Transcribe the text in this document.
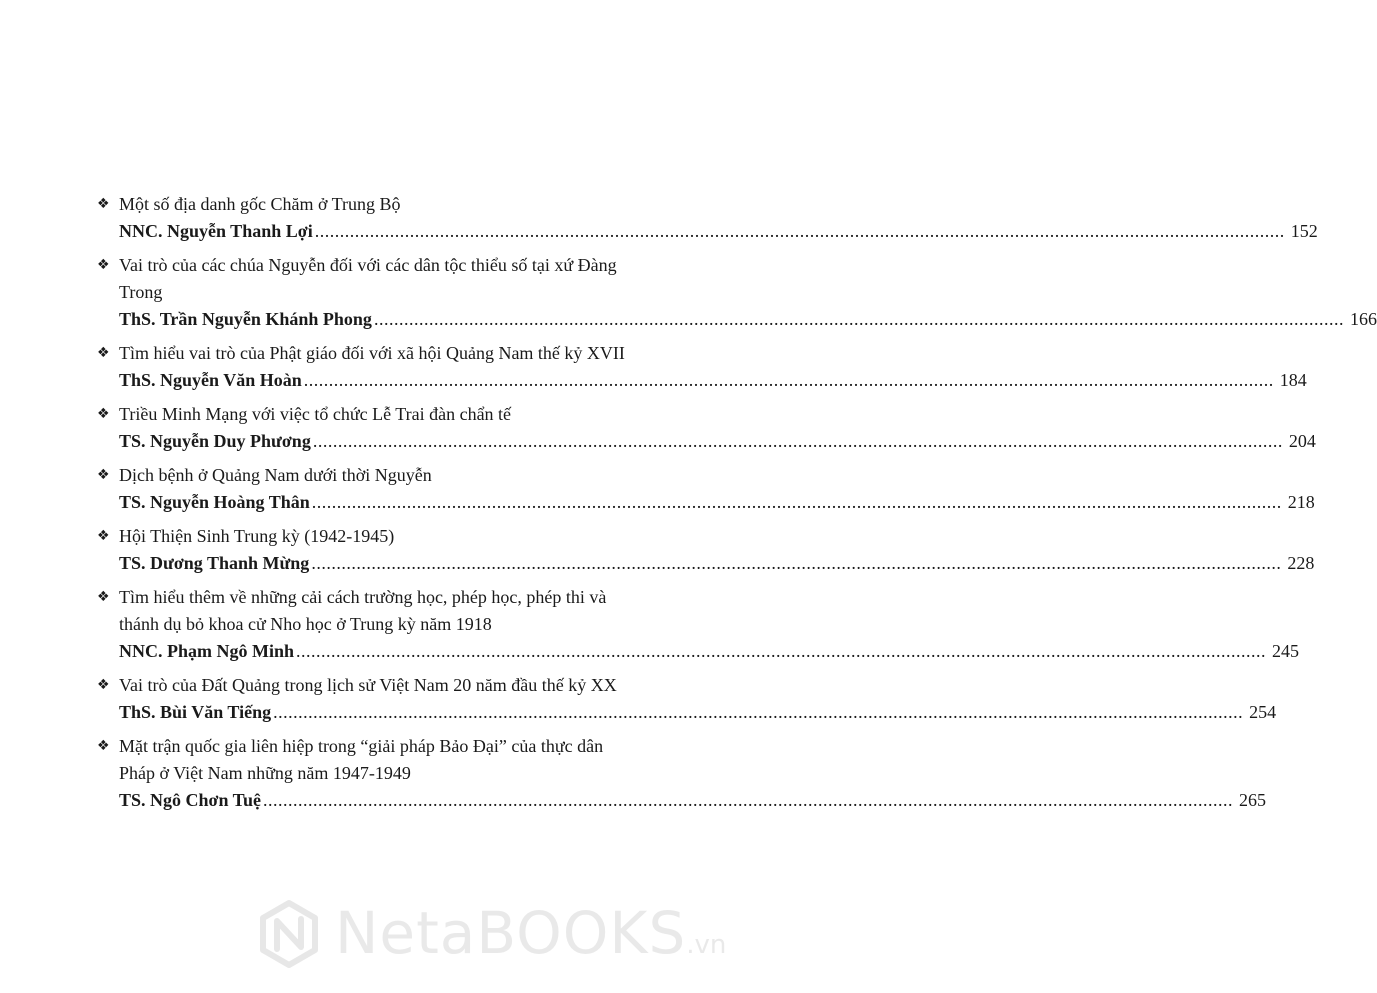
❖ Một số địa danh gốc Chăm ở Trung Bộ
NNC. Nguyễn Thanh Lợi .....	152
❖ Vai trò của các chúa Nguyễn đối với các dân tộc thiểu số tại xứ Đàng Trong
ThS. Trần Nguyễn Khánh Phong .....	166
❖ Tìm hiểu vai trò của Phật giáo đối với xã hội Quảng Nam thế kỷ XVII
ThS. Nguyễn Văn Hoàn .....	184
❖ Triều Minh Mạng với việc tổ chức Lễ Trai đàn chẩn tế
TS. Nguyễn Duy Phương .....	204
❖ Dịch bệnh ở Quảng Nam dưới thời Nguyễn
TS. Nguyễn Hoàng Thân .....	218
❖ Hội Thiện Sinh Trung kỳ (1942-1945)
TS. Dương Thanh Mừng .....	228
❖ Tìm hiểu thêm về những cải cách trường học, phép học, phép thi và thánh dụ bỏ khoa cử Nho học ở Trung kỳ năm 1918
NNC. Phạm Ngô Minh .....	245
❖ Vai trò của Đất Quảng trong lịch sử Việt Nam 20 năm đầu thế kỷ XX
ThS. Bùi Văn Tiếng .....	254
❖ Mặt trận quốc gia liên hiệp trong “giải pháp Bảo Đại” của thực dân Pháp ở Việt Nam những năm 1947-1949
TS. Ngô Chơn Tuệ .....	265
NetaBOOKS.vn
